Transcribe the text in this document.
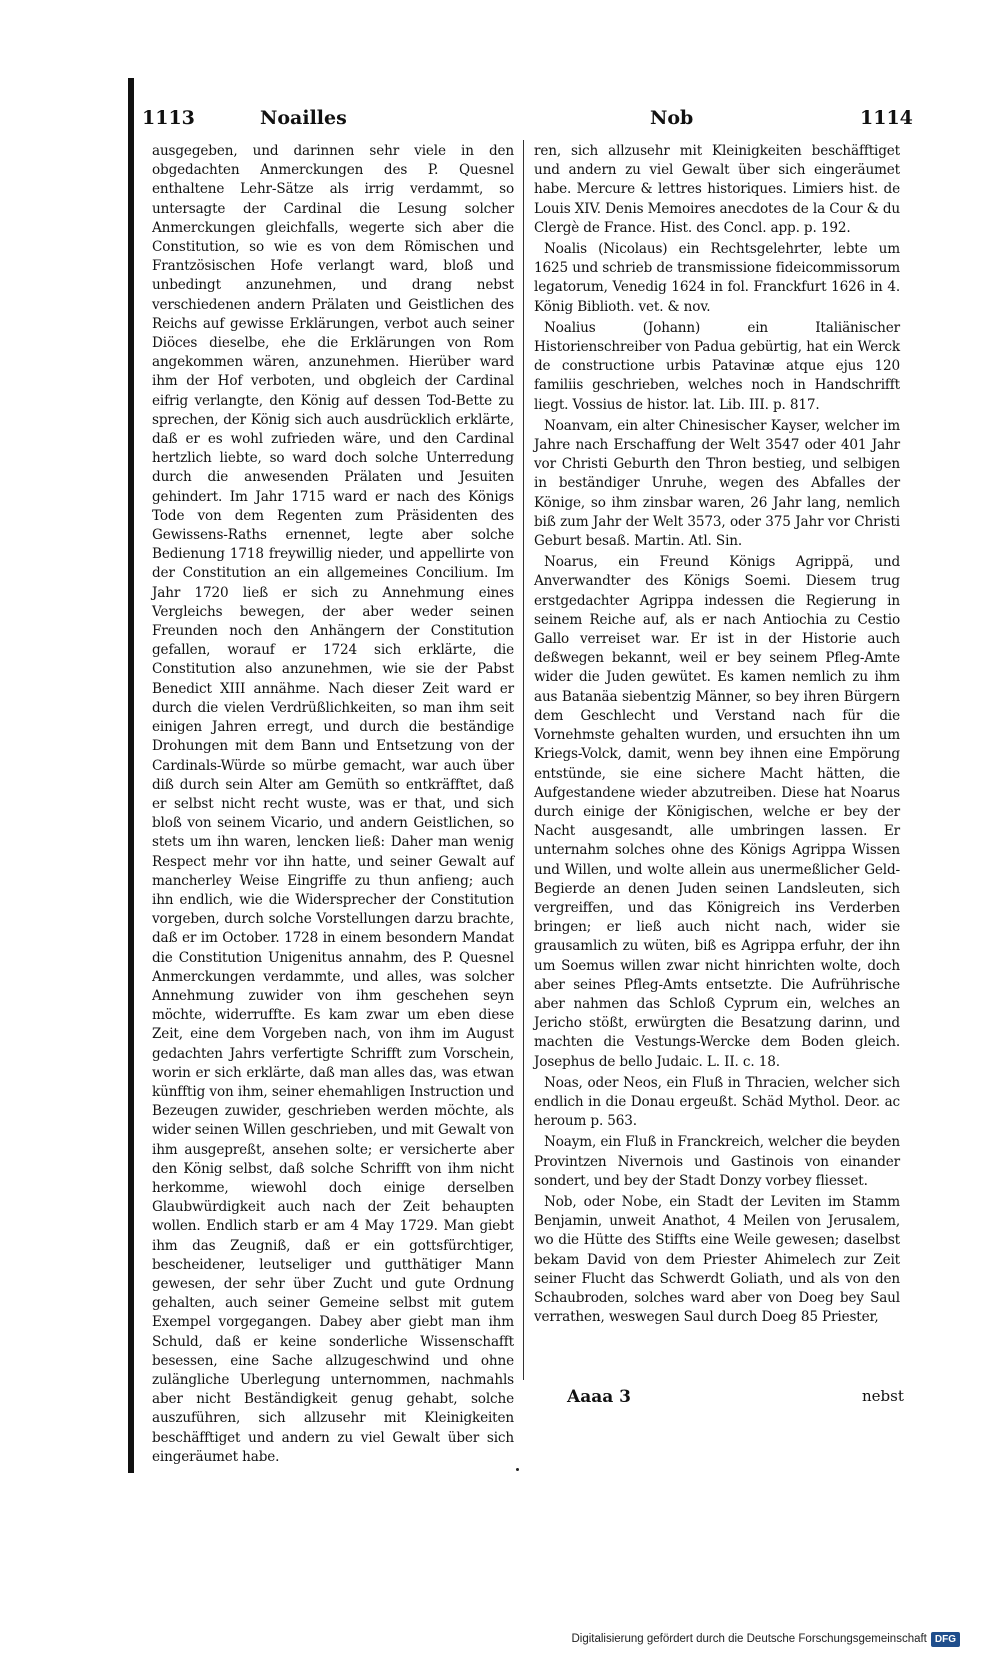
1113	Noailles	Nob	1114

ausgegeben, und darinnen sehr viele in den obgedachten Anmerckungen des P. Quesnel enthaltene Lehr-Sätze als irrig verdammt, so untersagte der Cardinal die Lesung solcher Anmerckungen gleichfalls, wegerte sich aber die Constitution, so wie es von dem Römischen und Frantzösischen Hofe verlangt ward, bloß und unbedingt anzunehmen, und drang nebst verschiedenen andern Prälaten und Geistlichen des Reichs auf gewisse Erklärungen, verbot auch seiner Diöces dieselbe, ehe die Erklärungen von Rom angekommen wären, anzunehmen. Hierüber ward ihm der Hof verboten, und obgleich der Cardinal eifrig verlangte, den König auf dessen Tod-Bette zu sprechen, der König sich auch ausdrücklich erklärte, daß er es wohl zufrieden wäre, und den Cardinal hertzlich liebte, so ward doch solche Unterredung durch die anwesenden Prälaten und Jesuiten gehindert. Im Jahr 1715 ward er nach des Königs Tode von dem Regenten zum Präsidenten des Gewissens-Raths ernennet, legte aber solche Bedienung 1718 freywillig nieder, und appellirte von der Constitution an ein allgemeines Concilium. Im Jahr 1720 ließ er sich zu Annehmung eines Vergleichs bewegen, der aber weder seinen Freunden noch den Anhängern der Constitution gefallen, worauf er 1724 sich erklärte, die Constitution also anzunehmen, wie sie der Pabst Benedict XIII annähme. Nach dieser Zeit ward er durch die vielen Verdrüßlichkeiten, so man ihm seit einigen Jahren erregt, und durch die beständige Drohungen mit dem Bann und Entsetzung von der Cardinals-Würde so mürbe gemacht, war auch über diß durch sein Alter am Gemüth so entkräfftet, daß er selbst nicht recht wuste, was er that, und sich bloß von seinem Vicario, und andern Geistlichen, so stets um ihn waren, lencken ließ: Daher man wenig Respect mehr vor ihn hatte, und seiner Gewalt auf mancherley Weise Eingriffe zu thun anfieng; auch ihn endlich, wie die Widersprecher der Constitution vorgeben, durch solche Vorstellungen darzu brachte, daß er im October. 1728 in einem besondern Mandat die Constitution Unigenitus annahm, des P. Quesnel Anmerckungen verdammte, und alles, was solcher Annehmung zuwider von ihm geschehen seyn möchte, widerruffte. Es kam zwar um eben diese Zeit, eine dem Vorgeben nach, von ihm im August gedachten Jahrs verfertigte Schrifft zum Vorschein, worin er sich erklärte, daß man alles das, was etwan künfftig von ihm, seiner ehemahligen Instruction und Bezeugen zuwider, geschrieben werden möchte, als wider seinen Willen geschrieben, und mit Gewalt von ihm ausgepreßt, ansehen solte; er versicherte aber den König selbst, daß solche Schrifft von ihm nicht herkomme, wiewohl doch einige derselben Glaubwürdigkeit auch nach der Zeit behaupten wollen. Endlich starb er am 4 May 1729. Man giebt ihm das Zeugniß, daß er ein gottsfürchtiger, bescheidener, leutseliger und gutthätiger Mann gewesen, der sehr über Zucht und gute Ordnung gehalten, auch seiner Gemeine selbst mit gutem Exempel vorgegangen. Dabey aber giebt man ihm Schuld, daß er keine sonderliche Wissenschafft besessen, eine Sache allzugeschwind und ohne zulängliche Uberlegung unternommen, nachmahls aber nicht Beständigkeit genug gehabt, solche auszuführen, sich allzusehr mit Kleinigkeiten beschäfftiget und andern zu viel Gewalt über sich eingeräumet habe.

ren, sich allzusehr mit Kleinigkeiten beschäfftiget und andern zu viel Gewalt über sich eingeräumet habe. Mercure & lettres historiques. Limiers hist. de Louis XIV. Denis Memoires anecdotes de la Cour & du Clergè de France. Hist. des Concl. app. p. 192.

Noalis (Nicolaus) ein Rechtsgelehrter, lebte um 1625 und schrieb de transmissione fideicommissorum legatorum, Venedig 1624 in fol. Franckfurt 1626 in 4. König Biblioth. vet. & nov.

Noalius (Johann) ein Italiänischer Historienschreiber von Padua gebürtig, hat ein Werck de constructione urbis Patavinæ atque ejus 120 familiis geschrieben, welches noch in Handschrifft liegt. Vossius de histor. lat. Lib. III. p. 817.

Noanvam, ein alter Chinesischer Kayser, welcher im Jahre nach Erschaffung der Welt 3547 oder 401 Jahr vor Christi Geburth den Thron bestieg, und selbigen in beständiger Unruhe, wegen des Abfalles der Könige, so ihm zinsbar waren, 26 Jahr lang, nemlich biß zum Jahr der Welt 3573, oder 375 Jahr vor Christi Geburt besaß. Martin. Atl. Sin.

Noarus, ein Freund Königs Agrippä, und Anverwandter des Königs Soemi. Diesem trug erstgedachter Agrippa indessen die Regierung in seinem Reiche auf, als er nach Antiochia zu Cestio Gallo verreiset war. Er ist in der Historie auch deßwegen bekannt, weil er bey seinem Pfleg-Amte wider die Juden gewütet. Es kamen nemlich zu ihm aus Batanäa siebentzig Männer, so bey ihren Bürgern dem Geschlecht und Verstand nach für die Vornehmste gehalten wurden, und ersuchten ihn um Kriegs-Volck, damit, wenn bey ihnen eine Empörung entstünde, sie eine sichere Macht hätten, die Aufgestandene wieder abzutreiben. Diese hat Noarus durch einige der Königischen, welche er bey der Nacht ausgesandt, alle umbringen lassen. Er unternahm solches ohne des Königs Agrippa Wissen und Willen, und wolte allein aus unermeßlicher Geld-Begierde an denen Juden seinen Landsleuten, sich vergreiffen, und das Königreich ins Verderben bringen; er ließ auch nicht nach, wider sie grausamlich zu wüten, biß es Agrippa erfuhr, der ihn um Soemus willen zwar nicht hinrichten wolte, doch aber seines Pfleg-Amts entsetzte. Die Aufrührische aber nahmen das Schloß Cyprum ein, welches an Jericho stößt, erwürgten die Besatzung darinn, und machten die Vestungs-Wercke dem Boden gleich. Josephus de bello Judaic. L. II. c. 18.

Noas, oder Neos, ein Fluß in Thracien, welcher sich endlich in die Donau ergeußt. Schäd Mythol. Deor. ac heroum p. 563.

Noaym, ein Fluß in Franckreich, welcher die beyden Provintzen Nivernois und Gastinois von einander sondert, und bey der Stadt Donzy vorbey fliesset.

Nob, oder Nobe, ein Stadt der Leviten im Stamm Benjamin, unweit Anathot, 4 Meilen von Jerusalem, wo die Hütte des Stiffts eine Weile gewesen; daselbst bekam David von dem Priester Ahimelech zur Zeit seiner Flucht das Schwerdt Goliath, und als von den Schaubroden, solches ward aber von Doeg bey Saul verrathen, weswegen Saul durch Doeg 85 Priester,

Aaaa 3	nebst
Digitalisierung gefördert durch die Deutsche Forschungsgemeinschaft DFG
